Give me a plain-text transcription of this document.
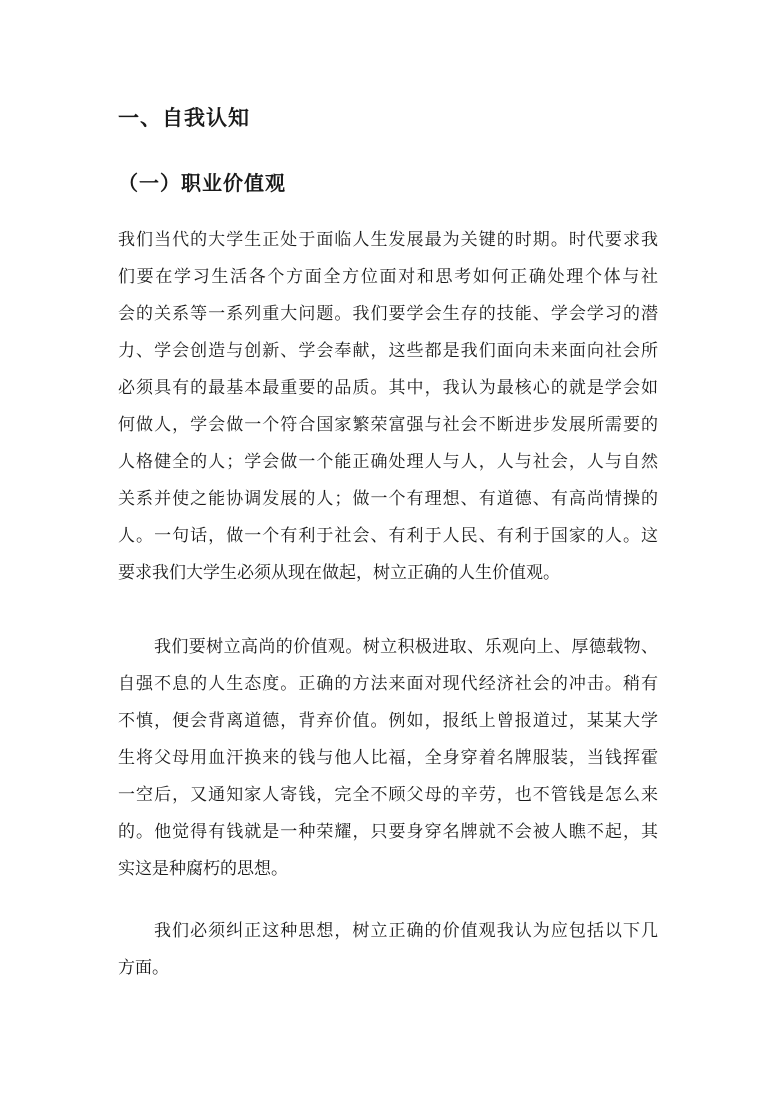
一、自我认知
（一）职业价值观
我们当代的大学生正处于面临人生发展最为关键的时期。时代要求我
们要在学习生活各个方面全方位面对和思考如何正确处理个体与社
会的关系等一系列重大问题。我们要学会生存的技能、学会学习的潜
力、学会创造与创新、学会奉献，这些都是我们面向未来面向社会所
必须具有的最基本最重要的品质。其中，我认为最核心的就是学会如
何做人，学会做一个符合国家繁荣富强与社会不断进步发展所需要的
人格健全的人；学会做一个能正确处理人与人，人与社会，人与自然
关系并使之能协调发展的人；做一个有理想、有道德、有高尚情操的
人。一句话，做一个有利于社会、有利于人民、有利于国家的人。这
要求我们大学生必须从现在做起，树立正确的人生价值观。
我们要树立高尚的价值观。树立积极进取、乐观向上、厚德载物、
自强不息的人生态度。正确的方法来面对现代经济社会的冲击。稍有
不慎，便会背离道德，背弃价值。例如，报纸上曾报道过，某某大学
生将父母用血汗换来的钱与他人比福，全身穿着名牌服装，当钱挥霍
一空后，又通知家人寄钱，完全不顾父母的辛劳，也不管钱是怎么来
的。他觉得有钱就是一种荣耀，只要身穿名牌就不会被人瞧不起，其
实这是种腐朽的思想。
我们必须纠正这种思想，树立正确的价值观我认为应包括以下几
方面。
